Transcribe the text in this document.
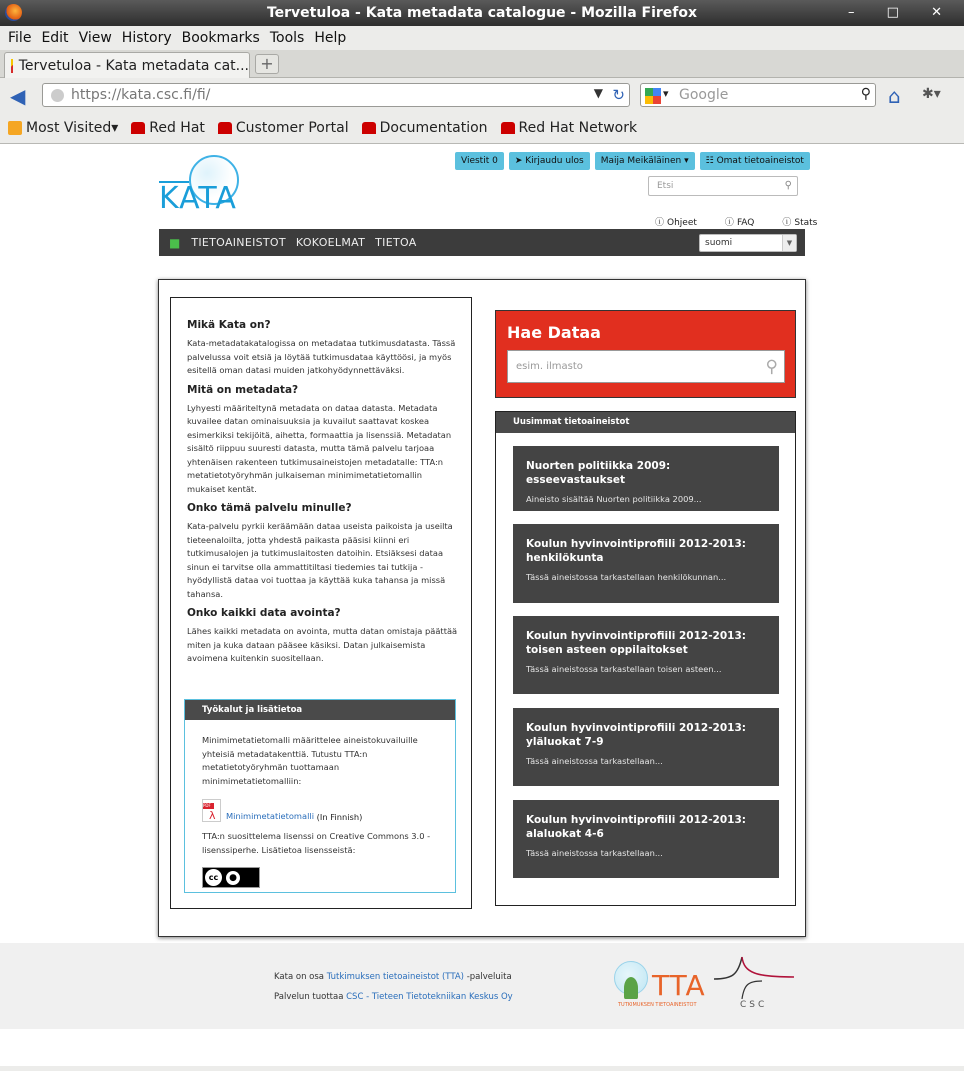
Tervetuloa - Kata metadata catalogue - Mozilla Firefox	– □ ✕
File Edit View History Bookmarks Tools Help
Tervetuloa - Kata metadata cat... +
◀	https://kata.csc.fi/fi/	▼ ↻	▾ Google	⚲ ⌂ ✱▾
Most Visited ▾ Red Hat Customer Portal Documentation Red Hat Network
KATA
Viestit 0	➤ Kirjaudu ulos	Maija Meikäläinen ▾	☷ Omat tietoaineistot
Etsi	⚲
ⓘ Ohjeet	ⓘ FAQ	ⓘ Stats
■ TIETOAINEISTOT KOKOELMAT TIETOA	suomi	▼
Mikä Kata on?

Kata-metadatakatalogissa on metadataa tutkimusdatasta. Tässä palvelussa voit etsiä ja löytää tutkimusdataa käyttöösi, ja myös esitellä oman datasi muiden jatkohyödynnettäväksi.

Mitä on metadata?

Lyhyesti määriteltynä metadata on dataa datasta. Metadata kuvailee datan ominaisuuksia ja kuvailut saattavat koskea esimerkiksi tekijöitä, aihetta, formaattia ja lisenssiä. Metadatan sisältö riippuu suuresti datasta, mutta tämä palvelu tarjoaa yhtenäisen rakenteen tutkimusaineistojen metadatalle: TTA:n metatietotyöryhmän julkaiseman minimimetatietomallin mukaiset kentät.

Onko tämä palvelu minulle?

Kata-palvelu pyrkii keräämään dataa useista paikoista ja useilta tieteenaloilta, jotta yhdestä paikasta pääsisi kiinni eri tutkimusalojen ja tutkimuslaitosten datoihin. Etsiäksesi dataa sinun ei tarvitse olla ammattitiltasi tiedemies tai tutkija - hyödyllistä dataa voi tuottaa ja käyttää kuka tahansa ja missä tahansa.

Onko kaikki data avointa?

Lähes kaikki metadata on avointa, mutta datan omistaja päättää miten ja kuka dataan pääsee käsiksi. Datan julkaisemista avoimena kuitenkin suositellaan.

Työkalut ja lisätietoa

Minimimetatietomalli määrittelee aineistokuvailuille yhteisiä metadatakenttiä. Tutustu TTA:n metatietotyöryhmän tuottamaan minimimetatietomalliin:

PDF
λ Minimimetatietomalli
(In Finnish)

TTA:n suosittelema lisenssi on Creative Commons 3.0 -lisenssiperhe. Lisätietoa lisensseistä:

cc	●
Hae Dataa
esim. ilmasto	⚲
Uusimmat tietoaineistot
Nuorten politiikka 2009: esseevastaukset
Aineisto sisältää Nuorten politiikka 2009...
Koulun hyvinvointiprofiili 2012-2013: henkilökunta
Tässä aineistossa tarkastellaan henkilökunnan...
Koulun hyvinvointiprofiili 2012-2013: toisen asteen oppilaitokset
Tässä aineistossa tarkastellaan toisen asteen...
Koulun hyvinvointiprofiili 2012-2013: yläluokat 7-9
Tässä aineistossa tarkastellaan...
Koulun hyvinvointiprofiili 2012-2013: alaluokat 4-6
Tässä aineistossa tarkastellaan...
Kata on osa Tutkimuksen tietoaineistot (TTA) -palveluita
Palvelun tuottaa CSC - Tieteen Tietotekniikan Keskus Oy	TTA
TUTKIMUKSEN TIETOAINEISTOT	CSC
